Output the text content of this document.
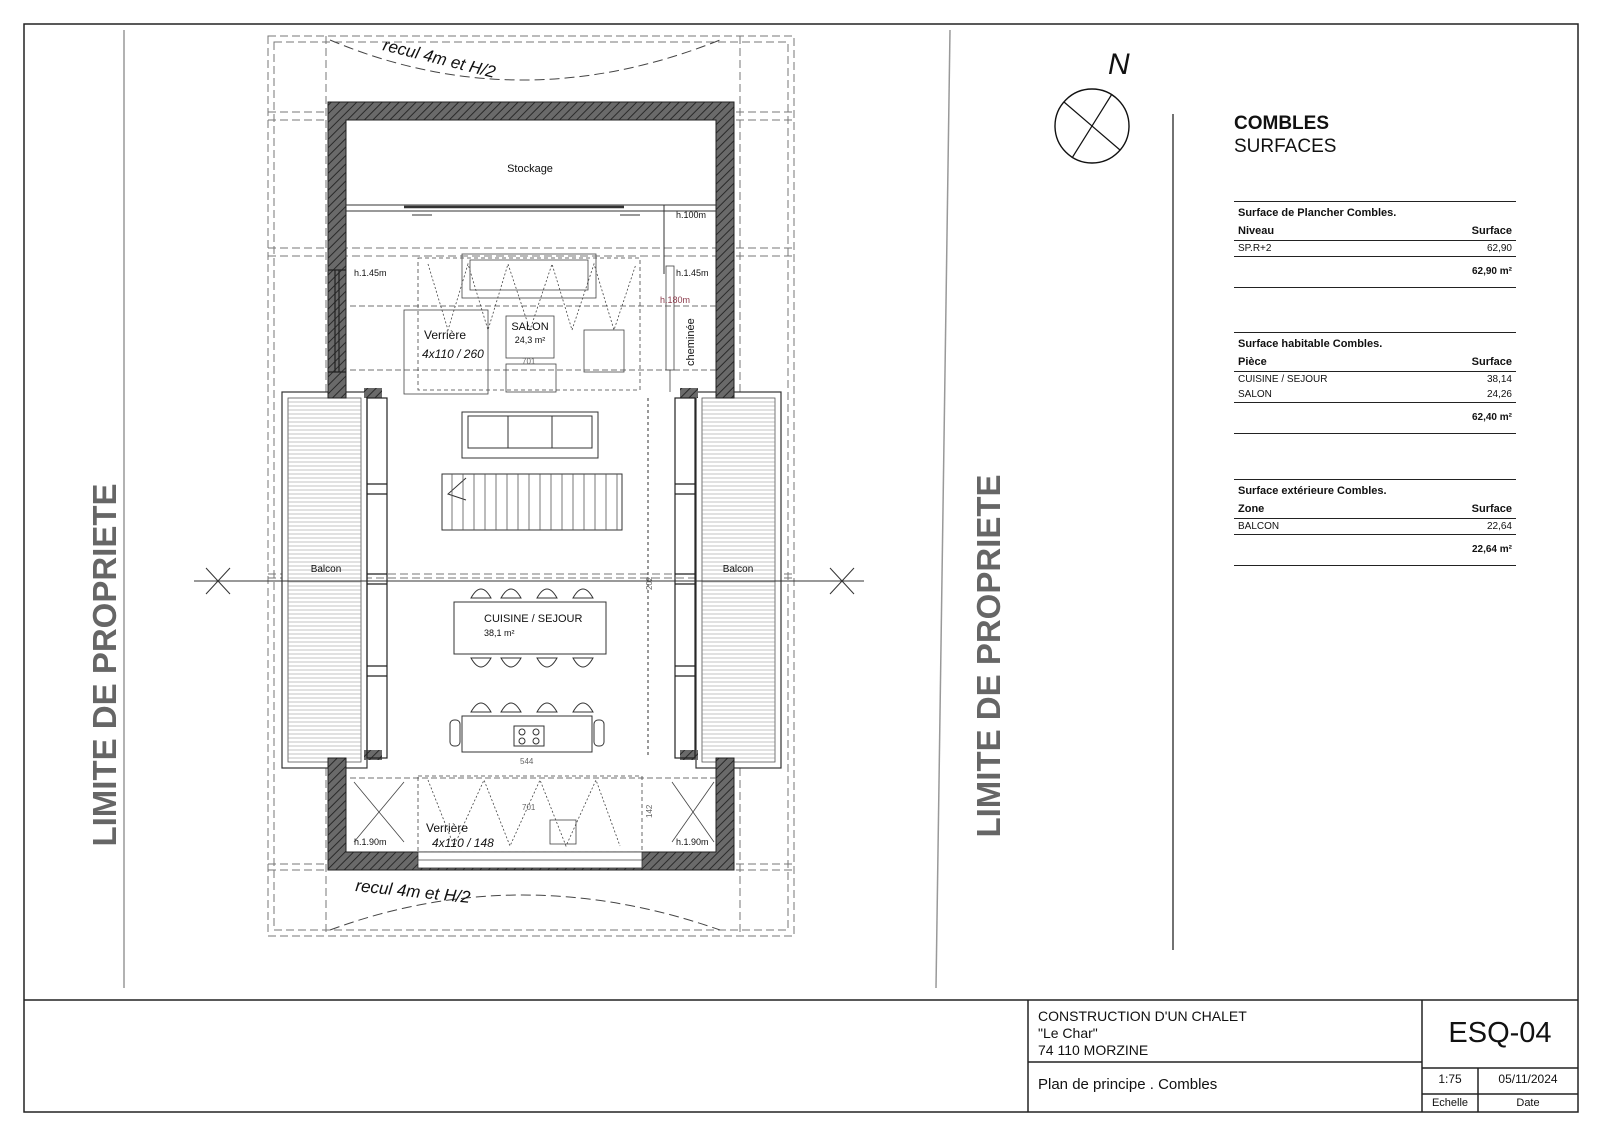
LIMITE DE PROPRIETE	LIMITE DE PROPRIETE
recul 4m et H/2
recul 4m et H/2
Stockage
SALON
24,3 m²
Verrière
4x110 / 260	cheminée
701
h.100m
h.1.45m	h.1.45m
h.180m
h.1.90m	h.1.90m
CUISINE / SEJOUR
38,1 m²
544
Balcon	Balcon
202
Verrière
4x110 / 148
701	142
N
COMBLES
SURFACES
Surface de Plancher Combles.
Niveau	Surface
SP.R+2	62,90
62,90 m²
Surface habitable Combles.
Pièce	Surface
CUISINE / SEJOUR	38,14
SALON	24,26
62,40 m²
Surface extérieure Combles.
Zone	Surface
BALCON	22,64
22,64 m²
CONSTRUCTION D'UN CHALET
"Le Char"
74 110 MORZINE
Plan de principe . Combles
ESQ-04
1:75
Echelle
05/11/2024
Date
